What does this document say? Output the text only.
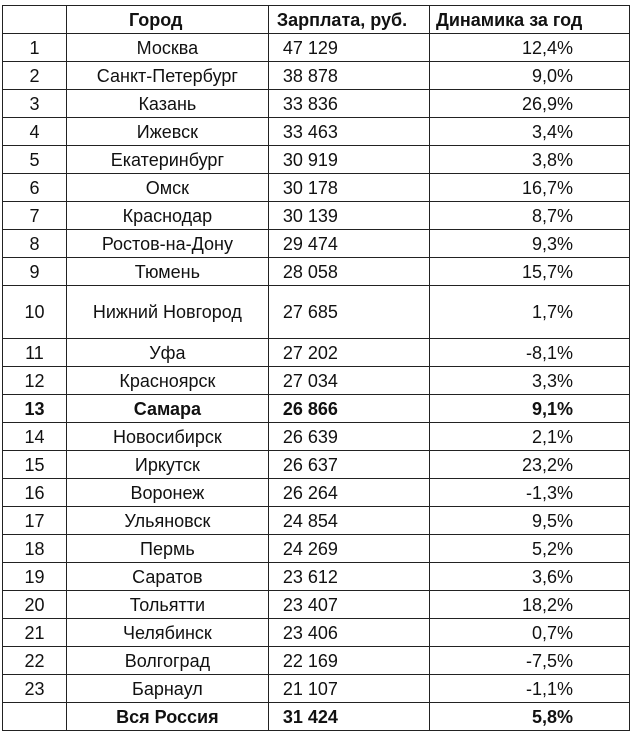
	Город	Зарплата, руб.	Динамика за год
1	Москва	47 129	12,4%
2	Санкт-Петербург	38 878	9,0%
3	Казань	33 836	26,9%
4	Ижевск	33 463	3,4%
5	Екатеринбург	30 919	3,8%
6	Омск	30 178	16,7%
7	Краснодар	30 139	8,7%
8	Ростов-на-Дону	29 474	9,3%
9	Тюмень	28 058	15,7%
10	Нижний Новгород	27 685	1,7%
11	Уфа	27 202	-8,1%
12	Красноярск	27 034	3,3%
13	Самара	26 866	9,1%
14	Новосибирск	26 639	2,1%
15	Иркутск	26 637	23,2%
16	Воронеж	26 264	-1,3%
17	Ульяновск	24 854	9,5%
18	Пермь	24 269	5,2%
19	Саратов	23 612	3,6%
20	Тольятти	23 407	18,2%
21	Челябинск	23 406	0,7%
22	Волгоград	22 169	-7,5%
23	Барнаул	21 107	-1,1%
	Вся Россия	31 424	5,8%
